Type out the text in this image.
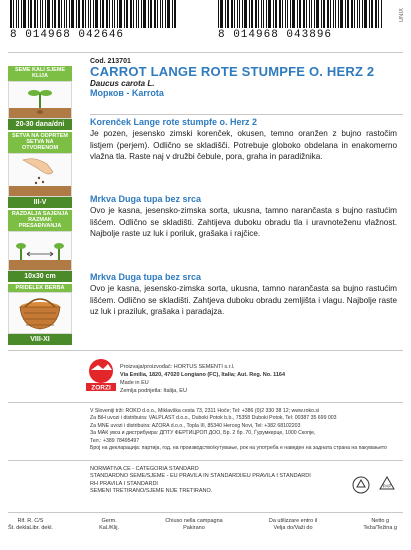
8 014968 042646	8 014968 043896
UNIX
SEME KALI SJEME KLIJA
20-30 dana/dni
SETVA NA ODPRTEM SETVA NA OTVORENOM
III-V
RAZDALJA SAJENJA RAZMAK PRESAĐIVANJA
10x30 cm
PRIDELEK BERBA
VIII-XI
Cod. 213701
CARROT LANGE ROTE STUMPFE O. HERZ 2
Daucus carota L.
Морков - Karrota
Korenček Lange rote stumpfe o. Herz 2

Je pozen, jesensko zimski korenček, okusen, temno oranžen z bujno rastočim listjem (perjem). Odlično se skladišči. Potrebuje globoko obdelana in enakomerno vlažna tla. Raste naj v družbi čebule, pora, graha in paradižnika.

Mrkva Duga tupa bez srca

Ovo je kasna, jesensko-zimska sorta, ukusna, tamno narančasta s bujno rastućim lišćem. Odlično se skladišti. Zahtijeva duboku obradu tla i uravnoteženu vlažnost. Najbolje raste uz luk i poriluk, grašaka i rajčice.

Mrkva Duga tupa bez srca

Ovo je kasna, jesensko-zimska sorta, ukusna, tamno narančasta sa bujno rastućim lišćem. Odlično se skladišti. Zahtjeva duboku obradu zemljišta i vlagu. Najbolje raste uz luk i praziluk, grašaka i paradajza.

ZORZI
Proizvaja/proizvođač: HORTUS SEMENTI s.r.l.
Via Emilia, 1820, 47020 Longiano (FC), Italia; Aut. Reg. No. 1164
Made in EU
Zemlja podrijetla: Italija, EU
V Sloveniji trži: ROKO d.o.o., Miklavška cesta 73, 2311 Hoče; Tel: +386 (0)2 330 38 12; www.roko.si
Za BiH uvozi i distribuira: VALPLAST d.o.o., Duboki Potok b.b., 75358 Duboki Potok, Tel: 00387 35 699 003
Za MNE uvozi i distribuira: AZORA d.o.o., Topla III, 85340 Herceg Novi, Tel: +382 68102203
За МАК увоз и дистрибуира: ДПТУ ФЕРТИЦРОП ДОО, Бр. 2 бр. 70, Ѓурумкерце, 1000 Скопје,
Тел.: +389 78495497
Број на декларација: партија, год. на производство/кутување, рок на употреба е наведен на задната страна на пакувањето
NORMATIVA CE - CATEGORIA STANDARD
STANDARDNO SEME/SJEME - EU PRAVILA IN STANDARDI/EU PRAVILA I STANDARDI
RH PRAVILA I STANDARDI
SEMENI TRETIRANO/SJEME NIJE TRETIRANO.
PAP
Rif. R. C/S
Št. deklaLibr. dekl.
Germ.
Kal./Klij.
Chiuso nella campagna
Pakirano
Da utilizzare entro il
Velja do/Važi do
Netto g
Teža/Težina g
